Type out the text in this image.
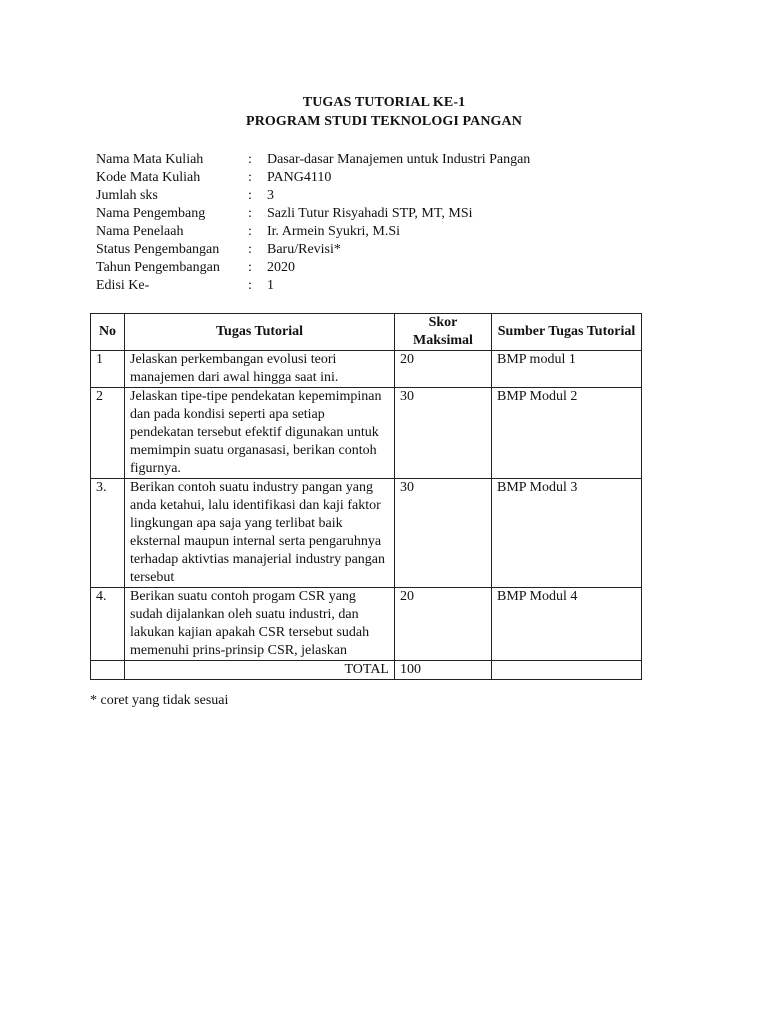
TUGAS TUTORIAL KE-1
PROGRAM STUDI TEKNOLOGI PANGAN
Nama Mata Kuliah	: Dasar-dasar Manajemen untuk Industri Pangan
Kode Mata Kuliah	: PANG4110
Jumlah sks	: 3
Nama Pengembang	: Sazli Tutur Risyahadi STP, MT, MSi
Nama Penelaah	: Ir. Armein Syukri, M.Si
Status Pengembangan : Baru/Revisi*
Tahun Pengembangan : 2020
Edisi Ke-	: 1
No	Tugas Tutorial	Skor Maksimal	Sumber Tugas Tutorial
1	Jelaskan perkembangan evolusi teori manajemen dari awal hingga saat ini.	20	BMP modul 1
2	Jelaskan tipe-tipe pendekatan kepemimpinan dan pada kondisi seperti apa setiap pendekatan tersebut efektif digunakan untuk memimpin suatu organasasi, berikan contoh figurnya.	30	BMP Modul 2
3.	Berikan contoh suatu industry pangan yang anda ketahui, lalu identifikasi dan kaji faktor lingkungan apa saja yang terlibat baik eksternal maupun internal serta pengaruhnya terhadap aktivtias manajerial industry pangan tersebut	30	BMP Modul 3
4.	Berikan suatu contoh progam CSR yang sudah dijalankan oleh suatu industri, dan lakukan kajian apakah CSR tersebut sudah memenuhi prins-prinsip CSR, jelaskan	20	BMP Modul 4
	TOTAL	100	
* coret yang tidak sesuai
